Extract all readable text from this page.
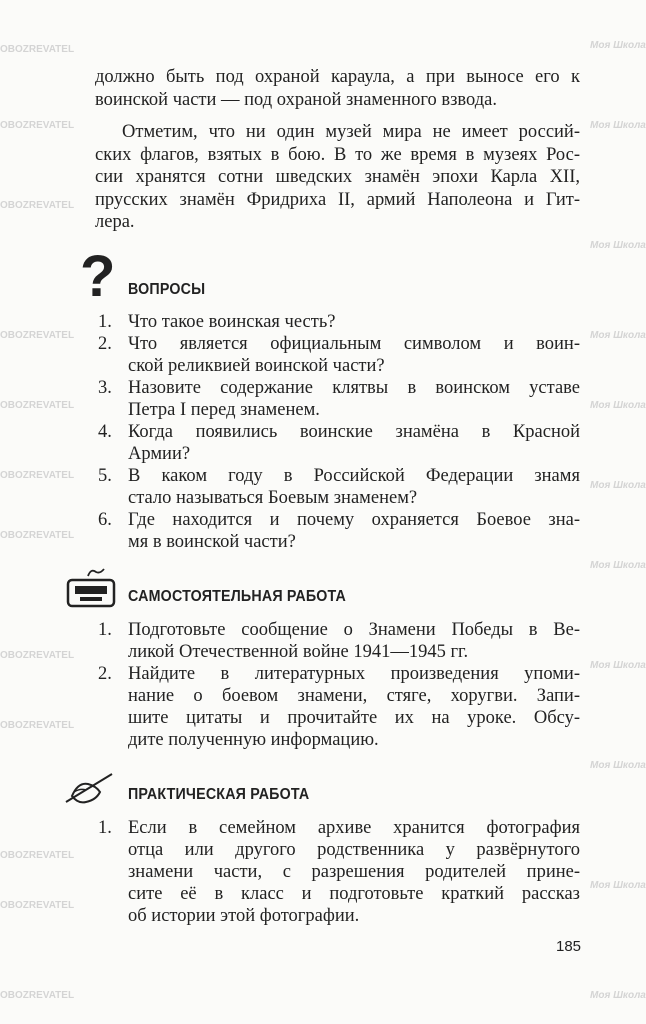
OBOZREVATEL
OBOZREVATEL
OBOZREVATEL
OBOZREVATEL
OBOZREVATEL
OBOZREVATEL
OBOZREVATEL
OBOZREVATEL
OBOZREVATEL
OBOZREVATEL
OBOZREVATEL
OBOZREVATEL
Моя Школа
Моя Школа
Моя Школа
Моя Школа
Моя Школа
Моя Школа
Моя Школа
Моя Школа
Моя Школа
Моя Школа
Моя Школа
должно быть под охраной караула, а при выносе его к
воинской части — под охраной знаменного взвода.
Отметим, что ни один музей мира не имеет россий-
ских флагов, взятых в бою. В то же время в музеях Рос-
сии хранятся сотни шведских знамён эпохи Карла XII,
прусских знамён Фридриха II, армий Наполеона и Гит-
лера.
ВОПРОСЫ
1. Что такое воинская честь?
2. Что является официальным символом и воин-
ской реликвией воинской части?
3. Назовите содержание клятвы в воинском уставе
Петра I перед знаменем.
4. Когда появились воинские знамёна в Красной
Армии?
5. В каком году в Российской Федерации знамя
стало называться Боевым знаменем?
6. Где находится и почему охраняется Боевое зна-
мя в воинской части?
САМОСТОЯТЕЛЬНАЯ РАБОТА
1. Подготовьте сообщение о Знамени Победы в Ве-
ликой Отечественной войне 1941—1945 гг.
2. Найдите в литературных произведения упоми-
нание о боевом знамени, стяге, хоругви. Запи-
шите цитаты и прочитайте их на уроке. Обсу-
дите полученную информацию.
ПРАКТИЧЕСКАЯ РАБОТА
1. Если в семейном архиве хранится фотография
отца или другого родственника у развёрнутого
знамени части, с разрешения родителей прине-
сите её в класс и подготовьте краткий рассказ
об истории этой фотографии.
?
185
